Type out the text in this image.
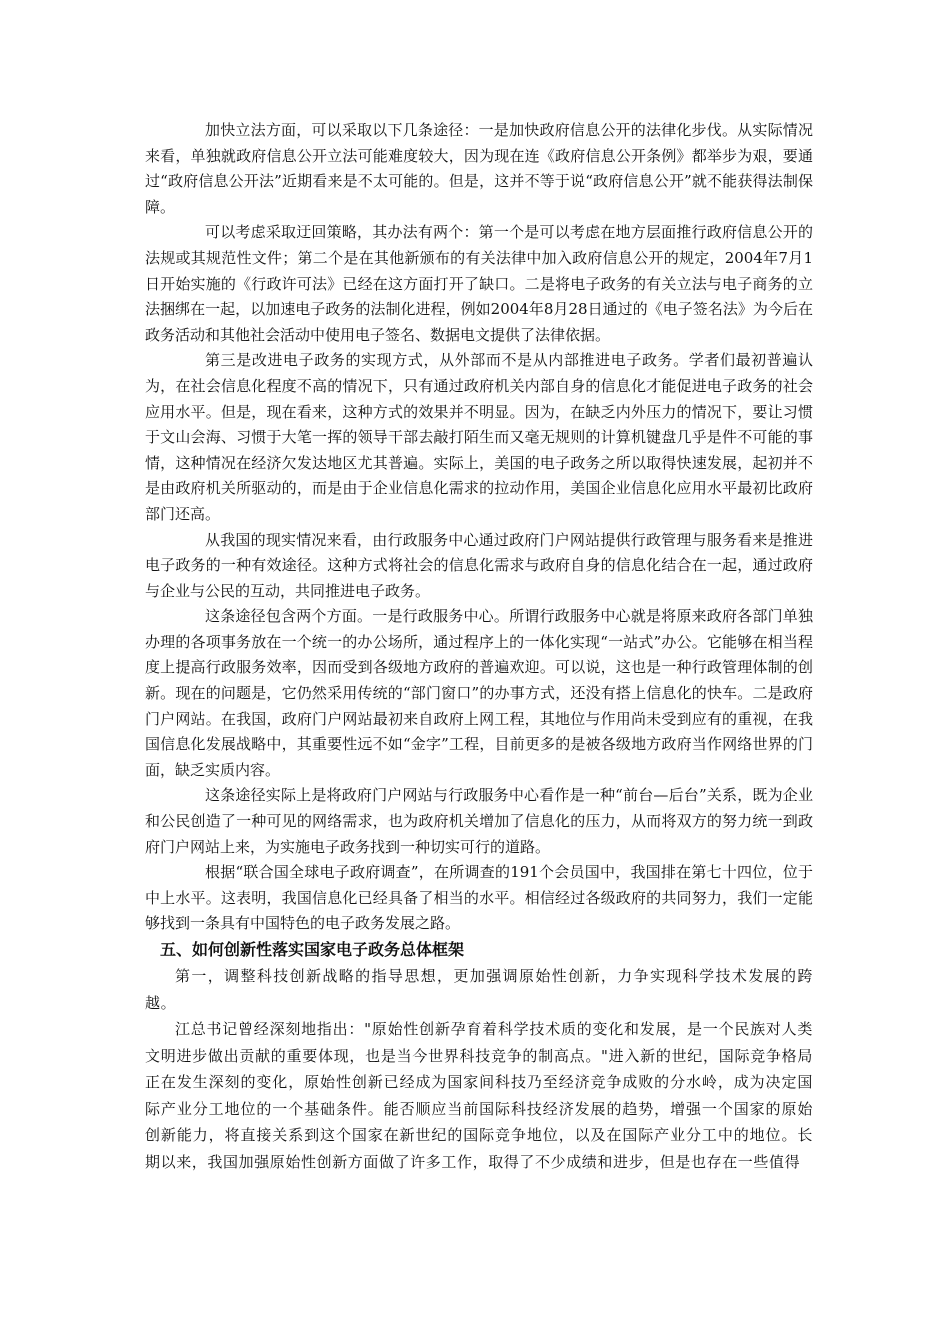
加快立法方面，可以采取以下几条途径：一是加快政府信息公开的法律化步伐。从实际情况来看，单独就政府信息公开立法可能难度较大，因为现在连《政府信息公开条例》都举步为艰，要通过“政府信息公开法”近期看来是不太可能的。但是，这并不等于说“政府信息公开”就不能获得法制保障。

可以考虑采取迂回策略，其办法有两个：第一个是可以考虑在地方层面推行政府信息公开的法规或其规范性文件；第二个是在其他新颁布的有关法律中加入政府信息公开的规定，2004年7月1日开始实施的《行政许可法》已经在这方面打开了缺口。二是将电子政务的有关立法与电子商务的立法捆绑在一起，以加速电子政务的法制化进程，例如2004年8月28日通过的《电子签名法》为今后在政务活动和其他社会活动中使用电子签名、数据电文提供了法律依据。

第三是改进电子政务的实现方式，从外部而不是从内部推进电子政务。学者们最初普遍认为，在社会信息化程度不高的情况下，只有通过政府机关内部自身的信息化才能促进电子政务的社会应用水平。但是，现在看来，这种方式的效果并不明显。因为，在缺乏内外压力的情况下，要让习惯于文山会海、习惯于大笔一挥的领导干部去敲打陌生而又毫无规则的计算机键盘几乎是件不可能的事情，这种情况在经济欠发达地区尤其普遍。实际上，美国的电子政务之所以取得快速发展，起初并不是由政府机关所驱动的，而是由于企业信息化需求的拉动作用，美国企业信息化应用水平最初比政府部门还高。

从我国的现实情况来看，由行政服务中心通过政府门户网站提供行政管理与服务看来是推进电子政务的一种有效途径。这种方式将社会的信息化需求与政府自身的信息化结合在一起，通过政府与企业与公民的互动，共同推进电子政务。

这条途径包含两个方面。一是行政服务中心。所谓行政服务中心就是将原来政府各部门单独办理的各项事务放在一个统一的办公场所，通过程序上的一体化实现“一站式”办公。它能够在相当程度上提高行政服务效率，因而受到各级地方政府的普遍欢迎。可以说，这也是一种行政管理体制的创新。现在的问题是，它仍然采用传统的“部门窗口”的办事方式，还没有搭上信息化的快车。二是政府门户网站。在我国，政府门户网站最初来自政府上网工程，其地位与作用尚未受到应有的重视，在我国信息化发展战略中，其重要性远不如“金字”工程，目前更多的是被各级地方政府当作网络世界的门面，缺乏实质内容。

这条途径实际上是将政府门户网站与行政服务中心看作是一种“前台—后台”关系，既为企业和公民创造了一种可见的网络需求，也为政府机关增加了信息化的压力，从而将双方的努力统一到政府门户网站上来，为实施电子政务找到一种切实可行的道路。

根据“联合国全球电子政府调查”，在所调查的191个会员国中，我国排在第七十四位，位于中上水平。这表明，我国信息化已经具备了相当的水平。相信经过各级政府的共同努力，我们一定能够找到一条具有中国特色的电子政务发展之路。

五、如何创新性落实国家电子政务总体框架

第一，调整科技创新战略的指导思想，更加强调原始性创新，力争实现科学技术发展的跨越。

江总书记曾经深刻地指出："原始性创新孕育着科学技术质的变化和发展，是一个民族对人类文明进步做出贡献的重要体现，也是当今世界科技竞争的制高点。"进入新的世纪，国际竞争格局正在发生深刻的变化，原始性创新已经成为国家间科技乃至经济竞争成败的分水岭，成为决定国际产业分工地位的一个基础条件。能否顺应当前国际科技经济发展的趋势，增强一个国家的原始创新能力，将直接关系到这个国家在新世纪的国际竞争地位，以及在国际产业分工中的地位。长期以来，我国加强原始性创新方面做了许多工作，取得了不少成绩和进步，但是也存在一些值得
